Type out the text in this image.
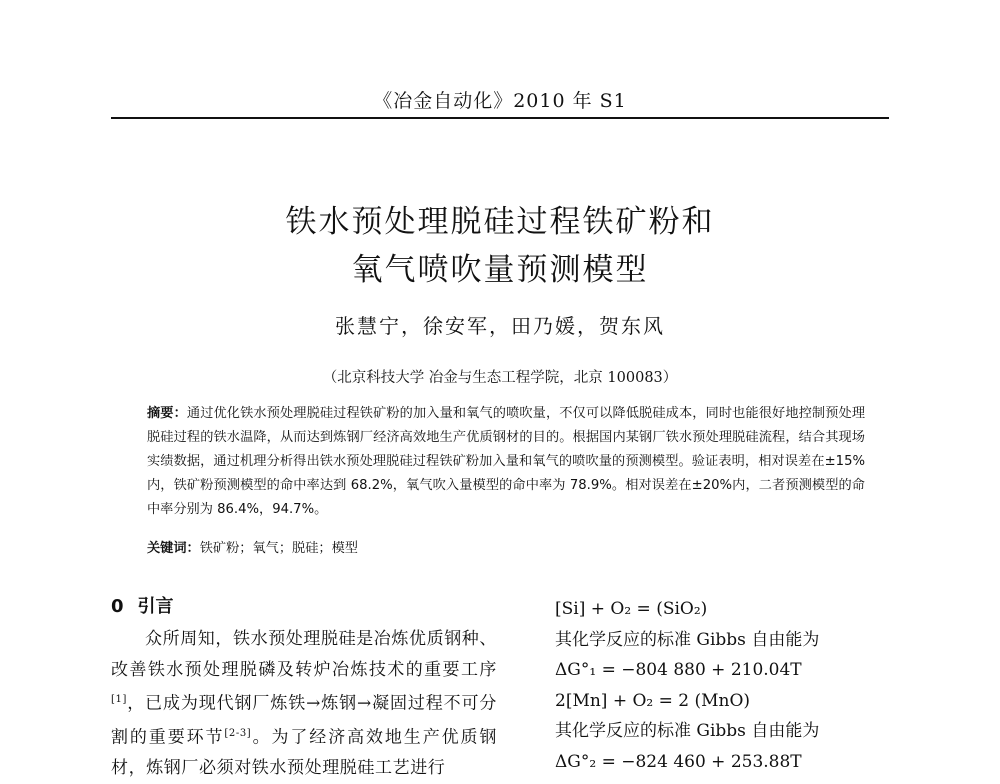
《冶金自动化》2010 年 S1
铁水预处理脱硅过程铁矿粉和
氧气喷吹量预测模型
张慧宁，徐安军，田乃媛，贺东风
（北京科技大学 冶金与生态工程学院，北京 100083）
摘要：通过优化铁水预处理脱硅过程铁矿粉的加入量和氧气的喷吹量，不仅可以降低脱硅成本，同时也能很好地控制预处理脱硅过程的铁水温降，从而达到炼钢厂经济高效地生产优质钢材的目的。根据国内某钢厂铁水预处理脱硅流程，结合其现场实绩数据，通过机理分析得出铁水预处理脱硅过程铁矿粉加入量和氧气的喷吹量的预测模型。验证表明，相对误差在±15%内，铁矿粉预测模型的命中率达到 68.2%，氧气吹入量模型的命中率为 78.9%。相对误差在±20%内，二者预测模型的命中率分别为 86.4%，94.7%。
关键词：铁矿粉；氧气；脱硅；模型
0 引言
众所周知，铁水预处理脱硅是冶炼优质钢种、改善铁水预处理脱磷及转炉冶炼技术的重要工序[1]，已成为现代钢厂炼铁→炼钢→凝固过程不可分割的重要环节[2-3]。为了经济高效地生产优质钢材，炼钢厂必须对铁水预处理脱硅工艺进行
[Si] + O₂ = (SiO₂)
其化学反应的标准 Gibbs 自由能为
ΔG°₁ = −804 880 + 210.04T
2[Mn] + O₂ = 2 (MnO)
其化学反应的标准 Gibbs 自由能为
ΔG°₂ = −824 460 + 253.88T
